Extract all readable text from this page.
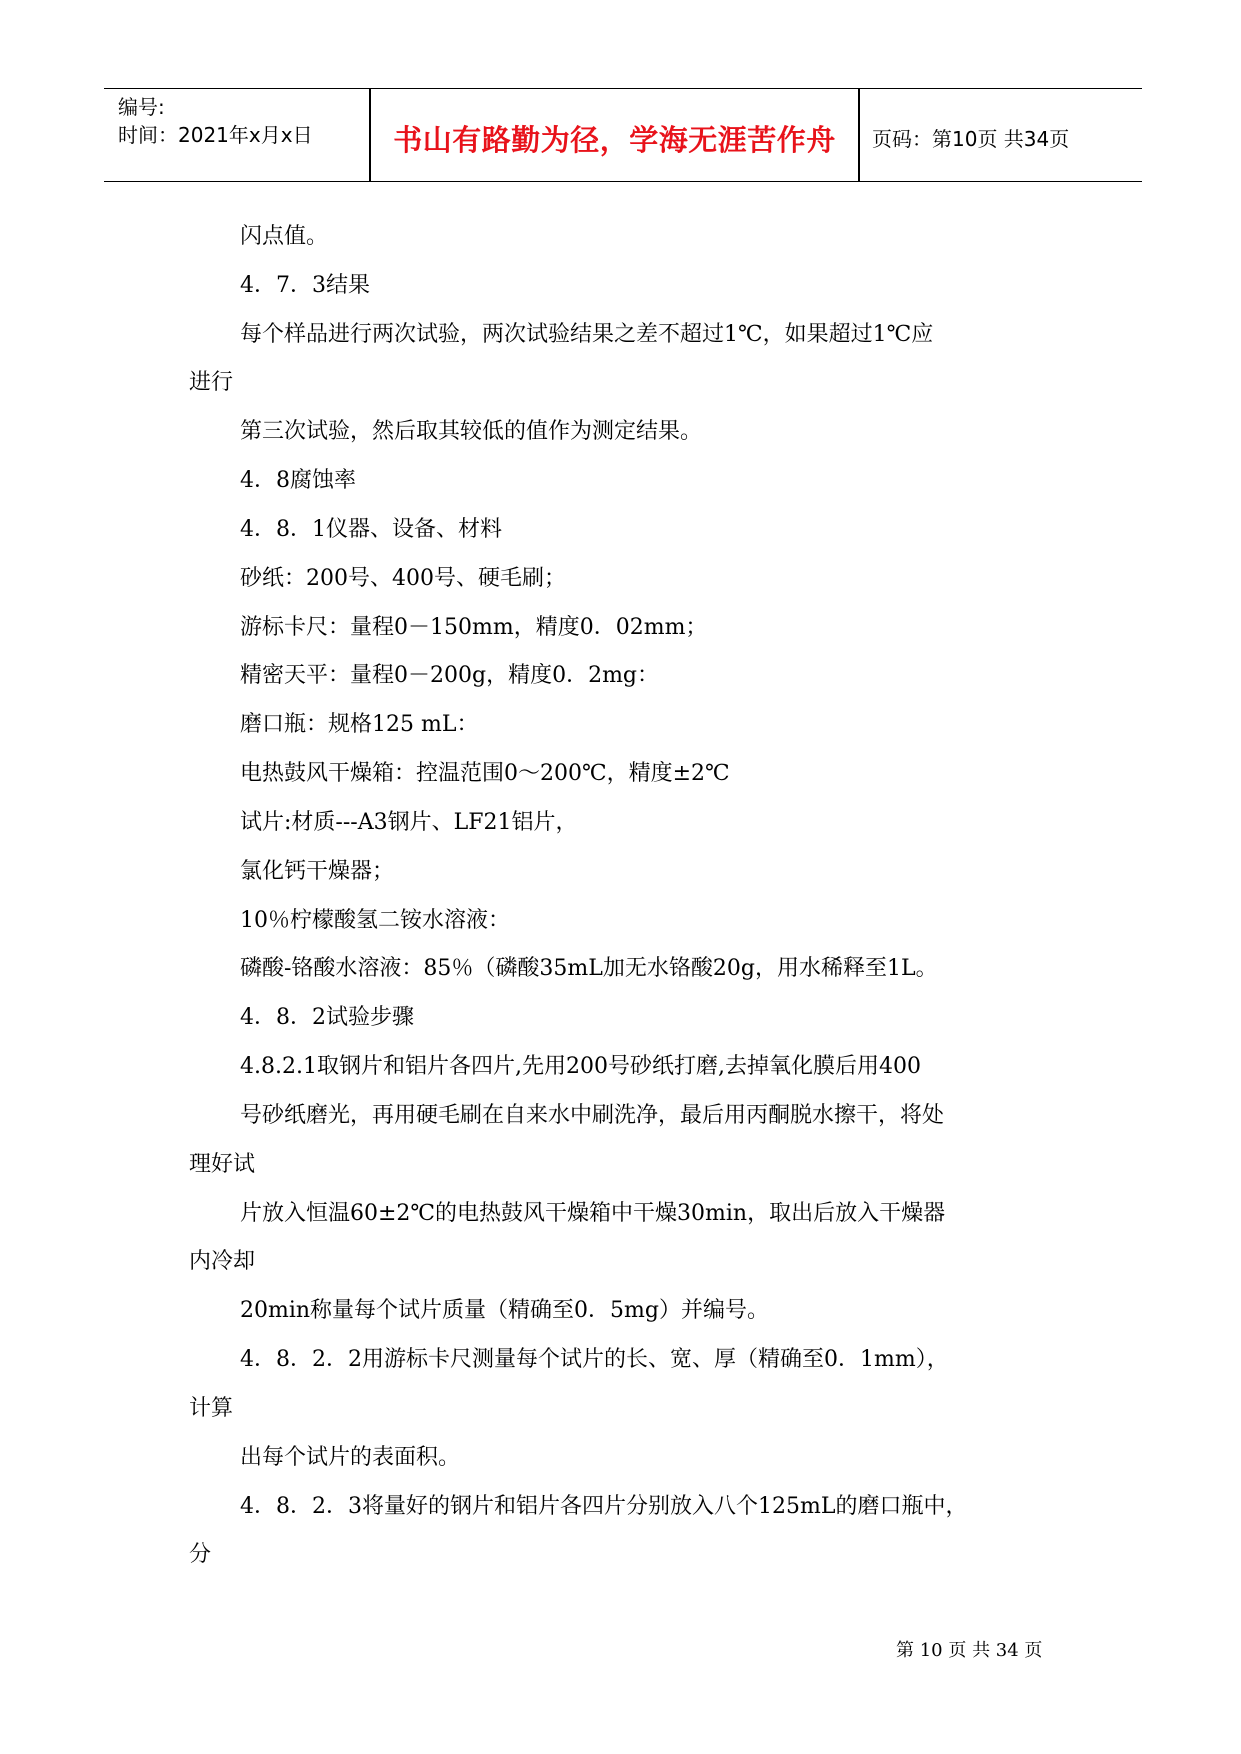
编号:
时间：2021年x月x日	书山有路勤为径，学海无涯苦作舟	页码：第10页 共34页
闪点值。
4．7．3结果
每个样品进行两次试验，两次试验结果之差不超过1℃，如果超过1℃应
进行
第三次试验，然后取其较低的值作为测定结果。
4．8腐蚀率
4．8．1仪器、设备、材料
砂纸：200号、400号、硬毛刷；
游标卡尺：量程0－150mm，精度0．02mm；
精密天平：量程0－200g，精度0．2mg：
磨口瓶：规格125 mL：
电热鼓风干燥箱：控温范围0～200℃，精度±2℃
试片:材质---A3钢片、LF21铝片，
氯化钙干燥器；
10％柠檬酸氢二铵水溶液：
磷酸-铬酸水溶液：85％（磷酸35mL加无水铬酸20g，用水稀释至1L。
4．8．2试验步骤
4.8.2.1取钢片和铝片各四片,先用200号砂纸打磨,去掉氧化膜后用400
号砂纸磨光，再用硬毛刷在自来水中刷洗净，最后用丙酮脱水擦干，将处
理好试
片放入恒温60±2℃的电热鼓风干燥箱中干燥30min，取出后放入干燥器
内冷却
20min称量每个试片质量（精确至0．5mg）并编号。
4．8．2．2用游标卡尺测量每个试片的长、宽、厚（精确至0．1mm），
计算
出每个试片的表面积。
4．8．2．3将量好的钢片和铝片各四片分别放入八个125mL的磨口瓶中，
分
第 10 页 共 34 页
